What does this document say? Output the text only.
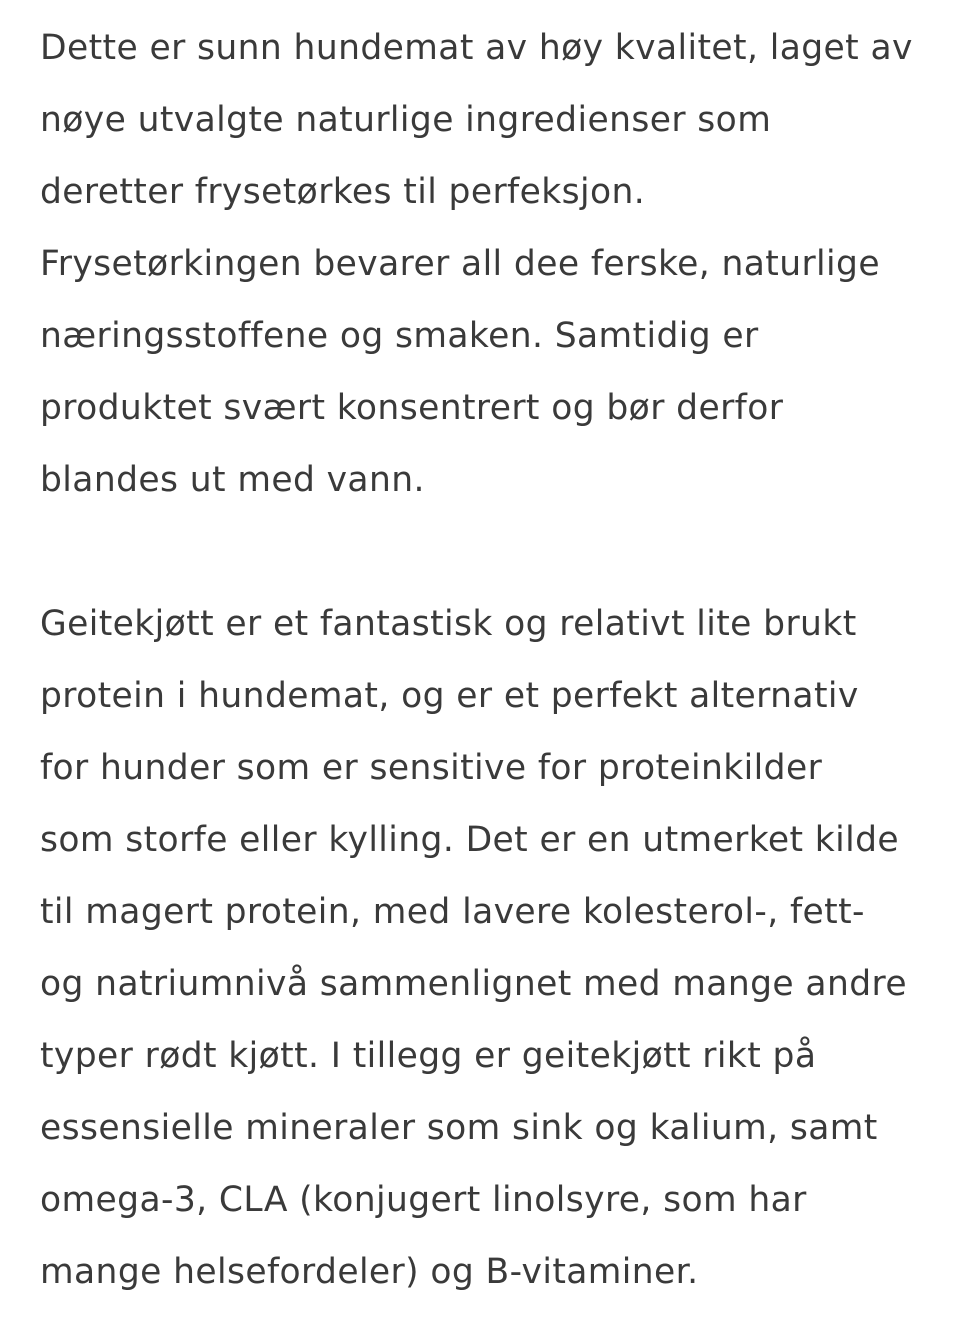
Dette er sunn hundemat av høy kvalitet, laget av
nøye utvalgte naturlige ingredienser som
deretter frysetørkes til perfeksjon.
Frysetørkingen bevarer all dee ferske, naturlige
næringsstoffene og smaken. Samtidig er
produktet svært konsentrert og bør derfor
blandes ut med vann.

Geitekjøtt er et fantastisk og relativt lite brukt
protein i hundemat, og er et perfekt alternativ
for hunder som er sensitive for proteinkilder
som storfe eller kylling. Det er en utmerket kilde
til magert protein, med lavere kolesterol-, fett-
og natriumnivå sammenlignet med mange andre
typer rødt kjøtt. I tillegg er geitekjøtt rikt på
essensielle mineraler som sink og kalium, samt
omega-3, CLA (konjugert linolsyre, som har
mange helsefordeler) og B-vitaminer.
